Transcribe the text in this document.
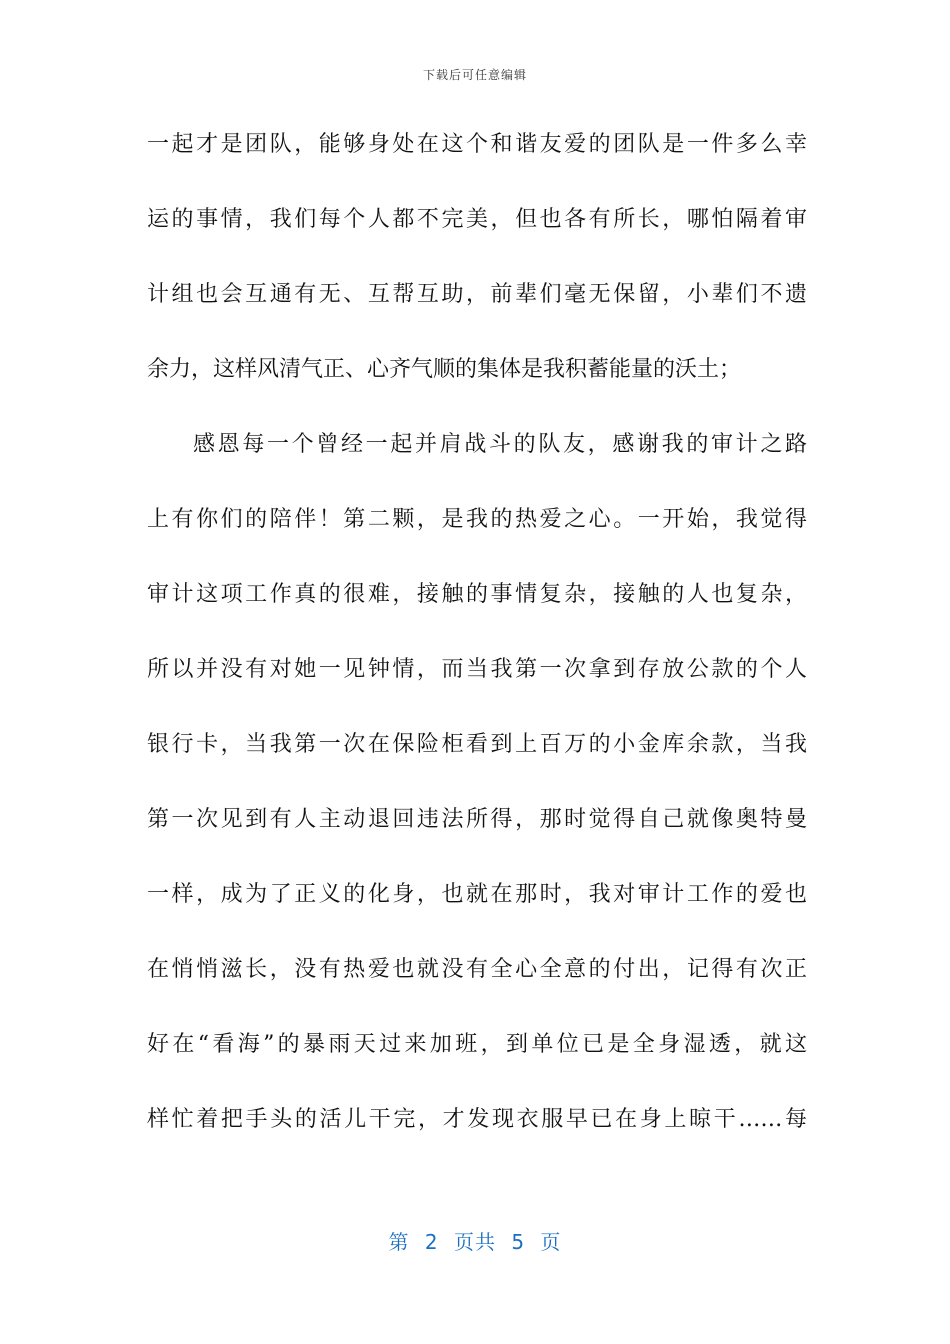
下载后可任意编辑
一起才是团队，能够身处在这个和谐友爱的团队是一件多么幸
运的事情，我们每个人都不完美，但也各有所长，哪怕隔着审
计组也会互通有无、互帮互助，前辈们毫无保留，小辈们不遗
余力，这样风清气正、心齐气顺的集体是我积蓄能量的沃土；
感恩每一个曾经一起并肩战斗的队友，感谢我的审计之路
上有你们的陪伴！第二颗，是我的热爱之心。一开始，我觉得
审计这项工作真的很难，接触的事情复杂，接触的人也复杂，
所以并没有对她一见钟情，而当我第一次拿到存放公款的个人
银行卡，当我第一次在保险柜看到上百万的小金库余款，当我
第一次见到有人主动退回违法所得，那时觉得自己就像奥特曼
一样，成为了正义的化身，也就在那时，我对审计工作的爱也
在悄悄滋长，没有热爱也就没有全心全意的付出，记得有次正
好在“看海”的暴雨天过来加班，到单位已是全身湿透，就这
样忙着把手头的活儿干完，才发现衣服早已在身上晾干……每
第 2 页共 5 页
